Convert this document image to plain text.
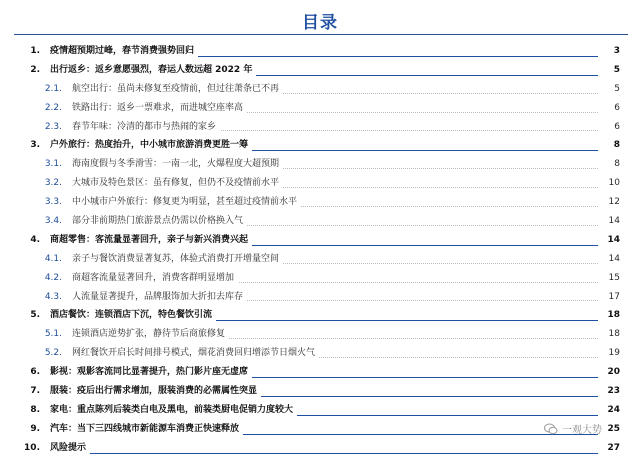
目录
1. 疫情超预期过峰，春节消费强势回归	3
2. 出行返乡：返乡意愿强烈，春运人数远超 2022 年	5
2.1. 航空出行：虽尚未修复至疫情前，但过往萧条已不再	5
2.2. 铁路出行：返乡一票难求，而进城空座率高	6
2.3. 春节年味：冷清的都市与热闹的家乡	6
3. 户外旅行：热度抬升，中小城市旅游消费更胜一筹	8
3.1. 海南度假与冬季滑雪：一南一北，火爆程度大超预期	8
3.2. 大城市及特色景区：虽有修复，但仍不及疫情前水平	10
3.3. 中小城市户外旅行：修复更为明显，甚至超过疫情前水平	12
3.4. 部分非前期热门旅游景点仍需以价格换入气	14
4. 商超零售：客流量显著回升，亲子与新兴消费兴起	14
4.1. 亲子与餐饮消费显著复苏，体验式消费打开增量空间	14
4.2. 商超客流量显著回升，消费客群明显增加	15
4.3. 人流量显著提升，品牌服饰加大折扣去库存	17
5. 酒店餐饮：连锁酒店下沉，特色餐饮引流	18
5.1. 连锁酒店逆势扩张，静待节后商旅修复	18
5.2. 网红餐饮开启长时间排号模式，烟花消费回归增添节日烟火气	19
6. 影视：观影客流同比显著提升，热门影片座无虚席	20
7. 服装：疫后出行需求增加，服装消费的必需属性突显	23
8. 家电：重点陈列后装类白电及黑电，前装类厨电促销力度较大	24
9. 汽车：当下三四线城市新能源车消费正快速释放	25
10. 风险提示	27
一观大势
